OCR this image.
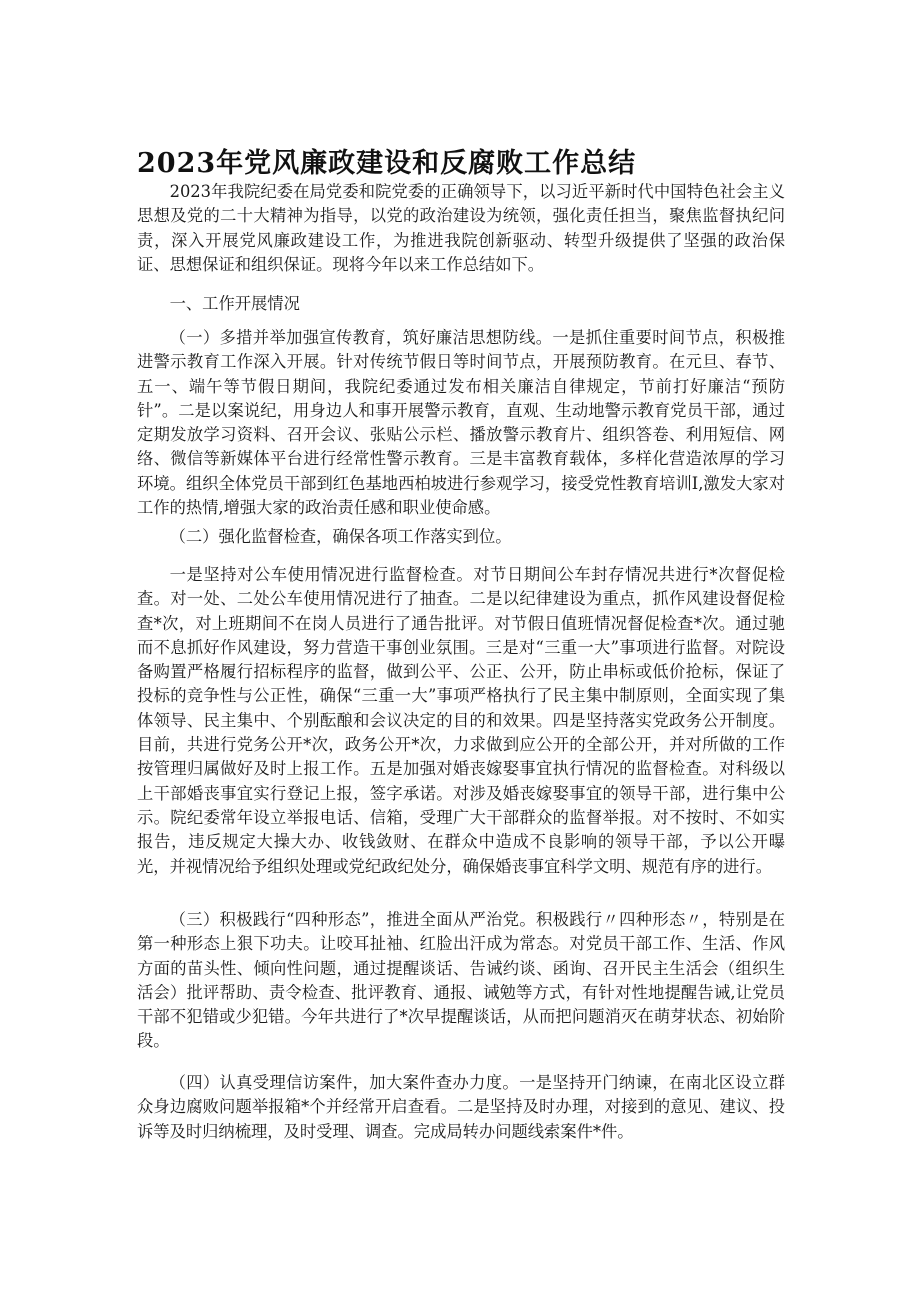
2023年党风廉政建设和反腐败工作总结

2023年我院纪委在局党委和院党委的正确领导下，以习近平新时代中国特色社会主义思想及党的二十大精神为指导，以党的政治建设为统领，强化责任担当，聚焦监督执纪问责，深入开展党风廉政建设工作，为推进我院创新驱动、转型升级提供了坚强的政治保证、思想保证和组织保证。现将今年以来工作总结如下。

一、工作开展情况

（一）多措并举加强宣传教育，筑好廉洁思想防线。一是抓住重要时间节点，积极推进警示教育工作深入开展。针对传统节假日等时间节点，开展预防教育。在元旦、春节、五一、端午等节假日期间，我院纪委通过发布相关廉洁自律规定，节前打好廉洁“预防针”。二是以案说纪，用身边人和事开展警示教育，直观、生动地警示教育党员干部，通过定期发放学习资料、召开会议、张贴公示栏、播放警示教育片、组织答卷、利用短信、网络、微信等新媒体平台进行经常性警示教育。三是丰富教育载体，多样化营造浓厚的学习环境。组织全体党员干部到红色基地西柏坡进行参观学习，接受党性教育培训I,激发大家对工作的热情,增强大家的政治责任感和职业使命感。

（二）强化监督检查，确保各项工作落实到位。

一是坚持对公车使用情况进行监督检查。对节日期间公车封存情况共进行*次督促检查。对一处、二处公车使用情况进行了抽查。二是以纪律建设为重点，抓作风建设督促检查*次，对上班期间不在岗人员进行了通告批评。对节假日值班情况督促检查*次。通过驰而不息抓好作风建设，努力营造干事创业氛围。三是对“三重一大”事项进行监督。对院设备购置严格履行招标程序的监督，做到公平、公正、公开，防止串标或低价抢标，保证了投标的竞争性与公正性，确保“三重一大”事项严格执行了民主集中制原则，全面实现了集体领导、民主集中、个别酝酿和会议决定的目的和效果。四是坚持落实党政务公开制度。目前，共进行党务公开*次，政务公开*次，力求做到应公开的全部公开，并对所做的工作按管理归属做好及时上报工作。五是加强对婚丧嫁娶事宜执行情况的监督检查。对科级以上干部婚丧事宜实行登记上报，签字承诺。对涉及婚丧嫁娶事宜的领导干部，进行集中公示。院纪委常年设立举报电话、信箱，受理广大干部群众的监督举报。对不按时、不如实报告，违反规定大操大办、收钱敛财、在群众中造成不良影响的领导干部，予以公开曝光，并视情况给予组织处理或党纪政纪处分，确保婚丧事宜科学文明、规范有序的进行。

（三）积极践行“四种形态”，推进全面从严治党。积极践行〃四种形态〃，特别是在第一种形态上狠下功夫。让咬耳扯袖、红脸出汗成为常态。对党员干部工作、生活、作风方面的苗头性、倾向性问题，通过提醒谈话、告诫约谈、函询、召开民主生活会（组织生活会）批评帮助、责令检查、批评教育、通报、诫勉等方式，有针对性地提醒告诫,让党员干部不犯错或少犯错。今年共进行了*次早提醒谈话，从而把问题消灭在萌芽状态、初始阶段。

（四）认真受理信访案件，加大案件查办力度。一是坚持开门纳谏，在南北区设立群众身边腐败问题举报箱*个并经常开启查看。二是坚持及时办理，对接到的意见、建议、投诉等及时归纳梳理，及时受理、调查。完成局转办问题线索案件*件。
